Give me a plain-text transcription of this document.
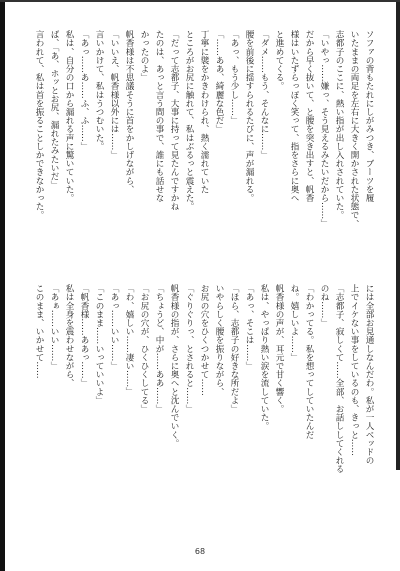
ソファの背もたれにしがみつき、ブーツを履
いたままの両足を左右に大きく開かされた状態で、
志都子のここに、熱い指が出し入れされていた。
「いやっ……嫌っ、そう見えるみたいだから……」
だから早く抜いて、と腰を突き出すと、帆香
様はいたずらっぽく笑って、指をさらに奥へ
と進めてくる。
「ダメ……もう、そんなに……」
腰を前後に揺すられるたびに、声が漏れる。
「あっ、もう少し……」
「……ああ、綺麗な色だ」
丁寧に襞をかきわけられ、熱く濡れていた
ところがお尻に触れて、私はぶるっと震えた。
「だって志都子、大事に持って見たんですかね
たのは、あっと言う間の事で、誰にも話せな
かったのよ」
帆香様は不思議そうに首をかしげながら、
「いいえ、帆香様以外には……」
言いかけて、私はうつむいた。
「あっ……あ……ふ、ふ……」
私は、自分の口から漏れる声に驚いていた。
ば、「あ、ホッとお尻、漏れたみたいだ」
言われて、私は首を振ることしかできなかった。
には全部お見通しなんだわ。私が一人ベッドの
上でイケない事をしているのも、きっと……
「志都子、寂しくて……全部、お話ししてくれる
のね……」
「わかってる。私を想ってしていたんだ
ね。嬉しいよ……」
帆香様の声が、耳元で甘く響く。
私は、やっぱり熱い涙を流していた。
「あっ、そこは……」
「ほら、志都子の好きな所だよ」
いやらしく腰を振りながら、
お尻の穴をひくつかせて……
「ぐりぐりっ、とされると……」
帆香様の指が、さらに奥へと沈んでいく。
「ちょうど、中が……ああ……」
「お尻の穴が、ひくひくしてる」
「わ、嬉しい……凄い……」
「あっ……いい……」
「このまま……いっていいよ」
「帆香様……ああっ……」
私は全身を震わせながら、
「あぁ……いい……」
このまま、いかせて……
68
